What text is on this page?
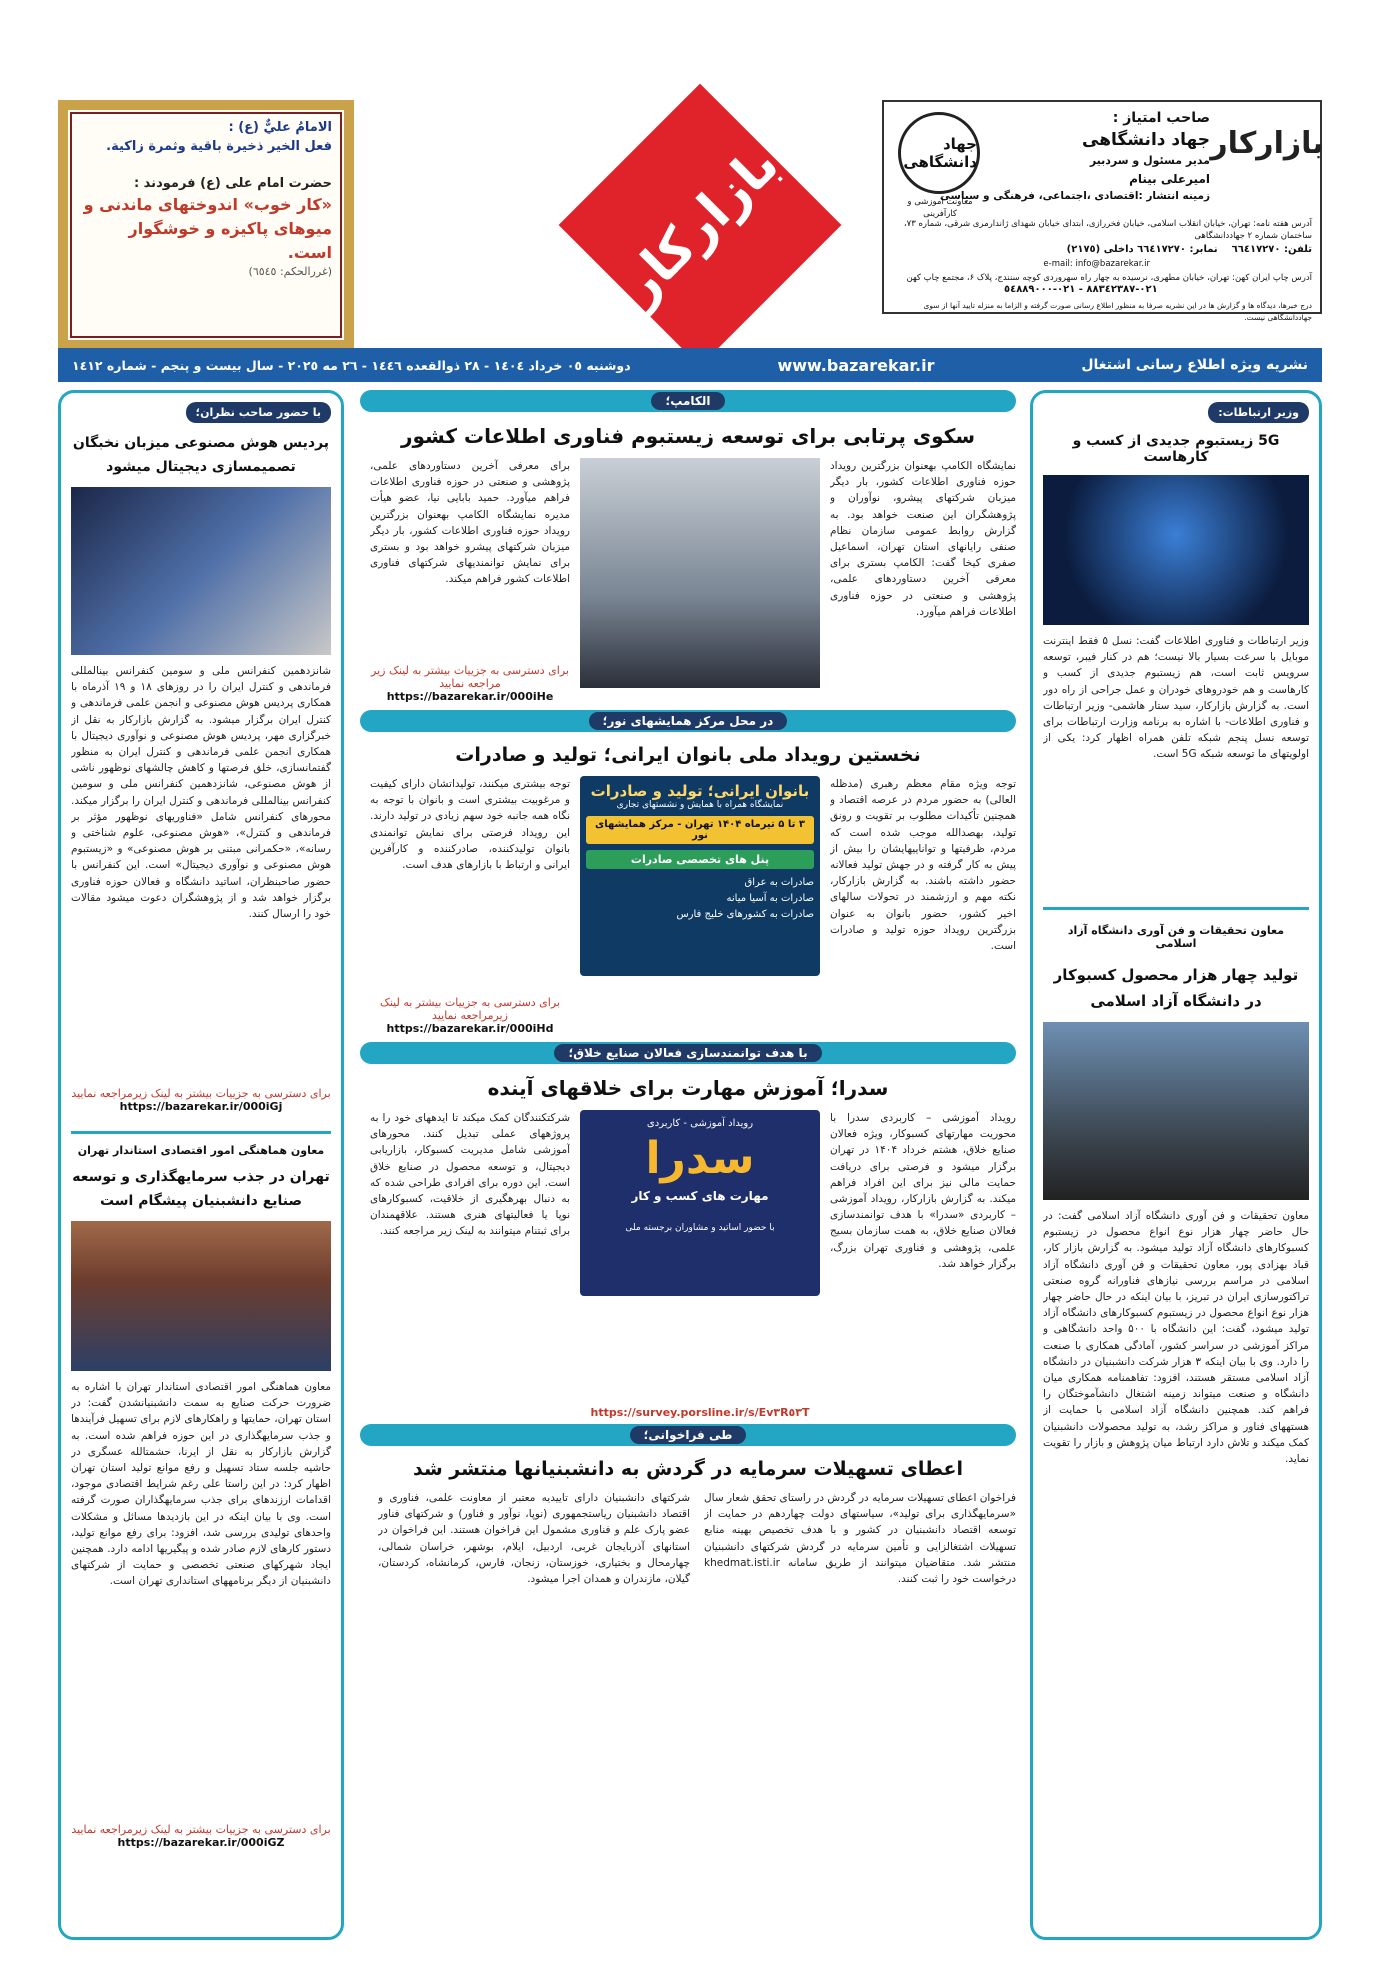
الامامُ عليٌّ (ع) :
فعل الخير ذخيرة باقية وثمرة زاكية.
حضرت امام علی (ع) فرمودند :
«کار خوب» اندوختهای ماندنی و میوهای پاکیزه و خوشگوار است.
(غررالحکم: ٦٥٤٥)	بازارکار	بازارکار
جهاد دانشگاهی
معاونت آموزشی و کارآفرینی
صاحب امتیاز :
جهاد دانشگاهی
مدیر مسئول و سردبیر
امیرعلی بینام
زمینه انتشار :اقتصادی ،اجتماعی، فرهنگی و سیاسی
آدرس هفته نامه: تهران، خیابان انقلاب اسلامی، خیابان فخررازی، ابتدای خیابان شهدای ژاندارمری شرقی، شماره ۷۳، ساختمان شماره ۲ جهاددانشگاهی
تلفن: ٦٦٤١٧٢٧٠
نمابر: ٦٦٤١٧٢٧٠ داخلی (٢١٧٥)
e-mail: info@bazarekar.ir
آدرس چاپ ایران کهن: تهران، خیابان مطهری، نرسیده به چهار راه سهروردی کوچه سنندج، پلاک ۶، مجتمع چاپ کهن
٠٢١-٨٨٣٤٢٣٨٧ - ٠٢١-٥٤٨٨٩٠٠٠
درج خبرها، دیدگاه ها و گزارش ها در این نشریه صرفا به منظور اطلاع رسانی صورت گرفته و الزاما به منزله تایید آنها از سوی جهاددانشگاهی نیست.
دوشنبه ٠٥ خرداد ١٤٠٤ - ٢٨ ذوالقعده ١٤٤٦ - ٢٦ مه ٢٠٢٥ - سال بیست و پنجم - شماره ١٤١٢	www.bazarekar.ir	نشریه ویژه اطلاع رسانی اشتغال
وزیر ارتباطات:
5G زیستبوم جدیدی از کسب و کارهاست
وزیر ارتباطات و فناوری اطلاعات گفت: نسل ۵ فقط اینترنت موبایل با سرعت بسیار بالا نیست؛ هم در کنار فیبر، توسعه سرویس ثابت است، هم زیستبوم جدیدی از کسب و کارهاست و هم خودروهای خودران و عمل جراحی از راه دور است. به گزارش بازارکار، سید ستار هاشمی- وزیر ارتباطات و فناوری اطلاعات- با اشاره به برنامه وزارت ارتباطات برای توسعه نسل پنجم شبکه تلفن همراه اظهار کرد: یکی از اولویتهای ما توسعه شبکه 5G است.
معاون تحقیقات و فن آوری دانشگاه آزاد اسلامی
تولید چهار هزار محصول کسبوکار در دانشگاه آزاد اسلامی
معاون تحقیقات و فن آوری دانشگاه آزاد اسلامی گفت: در حال حاضر چهار هزار نوع انواع محصول در زیستبوم کسبوکارهای دانشگاه آزاد تولید میشود. به گزارش بازار کار، قباد بهزادی پور، معاون تحقیقات و فن آوری دانشگاه آزاد اسلامی در مراسم بررسی نیازهای فناورانه گروه صنعتی تراکتورسازی ایران در تبریز، با بیان اینکه در حال حاضر چهار هزار نوع انواع محصول در زیستبوم کسبوکارهای دانشگاه آزاد تولید میشود، گفت: این دانشگاه با ۵۰۰ واحد دانشگاهی و مراکز آموزشی در سراسر کشور، آمادگی همکاری با صنعت را دارد. وی با بیان اینکه ۳ هزار شرکت دانشبنیان در دانشگاه آزاد اسلامی مستقر هستند، افزود: تفاهمنامه همکاری میان دانشگاه و صنعت میتواند زمینه اشتغال دانشآموختگان را فراهم کند. همچنین دانشگاه آزاد اسلامی با حمایت از هستههای فناور و مراکز رشد، به تولید محصولات دانشبنیان کمک میکند و تلاش دارد ارتباط میان پژوهش و بازار را تقویت نماید.
با حضور صاحب نظران؛
پردیس هوش مصنوعی میزبان نخبگان تصمیمسازی دیجیتال میشود
شانزدهمین کنفرانس ملی و سومین کنفرانس بینالمللی فرماندهی و کنترل ایران را در روزهای ۱۸ و ۱۹ آذرماه با همکاری پردیس هوش مصنوعی و انجمن علمی فرماندهی و کنترل ایران برگزار میشود. به گزارش بازارکار به نقل از خبرگزاری مهر، پردیس هوش مصنوعی و نوآوری دیجیتال با همکاری انجمن علمی فرماندهی و کنترل ایران به منظور گفتمانسازی، خلق فرصتها و کاهش چالشهای نوظهور ناشی از هوش مصنوعی، شانزدهمین کنفرانس ملی و سومین کنفرانس بینالمللی فرماندهی و کنترل ایران را برگزار میکند. محورهای کنفرانس شامل «فناوریهای نوظهور مؤثر بر فرماندهی و کنترل»، «هوش مصنوعی، علوم شناختی و رسانه»، «حکمرانی مبتنی بر هوش مصنوعی» و «زیستبوم هوش مصنوعی و نوآوری دیجیتال» است. این کنفرانس با حضور صاحبنظران، اساتید دانشگاه و فعالان حوزه فناوری برگزار خواهد شد و از پژوهشگران دعوت میشود مقالات خود را ارسال کنند.
برای دسترسی به جزییات بیشتر به لینک زیرمراجعه نمایید
https://bazarekar.ir/000iGj
معاون هماهنگی امور اقتصادی استاندار تهران
تهران در جذب سرمایهگذاری و توسعه صنایع دانشبنیان پیشگام است
معاون هماهنگی امور اقتصادی استاندار تهران با اشاره به ضرورت حرکت صنایع به سمت دانشبنیانشدن گفت: در استان تهران، حمایتها و راهکارهای لازم برای تسهیل فرآیندها و جذب سرمایهگذاری در این حوزه فراهم شده است. به گزارش بازارکار به نقل از ایرنا، حشمتالله عسگری در حاشیه جلسه ستاد تسهیل و رفع موانع تولید استان تهران اظهار کرد: در این راستا علی رغم شرایط اقتصادی موجود، اقدامات ارزندهای برای جذب سرمایهگذاران صورت گرفته است. وی با بیان اینکه در این بازدیدها مسائل و مشکلات واحدهای تولیدی بررسی شد، افزود: برای رفع موانع تولید، دستور کارهای لازم صادر شده و پیگیریها ادامه دارد. همچنین ایجاد شهرکهای صنعتی تخصصی و حمایت از شرکتهای دانشبنیان از دیگر برنامههای استانداری تهران است.
برای دسترسی به جزییات بیشتر به لینک زیرمراجعه نمایید
https://bazarekar.ir/000iGZ
الکامپ؛
سکوی پرتابی برای توسعه زیستبوم فناوری اطلاعات کشور
نمایشگاه الکامپ بهعنوان بزرگترین رویداد حوزه فناوری اطلاعات کشور، بار دیگر میزبان شرکتهای پیشرو، نوآوران و پژوهشگران این صنعت خواهد بود. به گزارش روابط عمومی سازمان نظام صنفی رایانهای استان تهران، اسماعیل صفری کیخا گفت: الکامپ بستری برای معرفی آخرین دستاوردهای علمی، پژوهشی و صنعتی در حوزه فناوری اطلاعات فراهم میآورد.
برای معرفی آخرین دستاوردهای علمی، پژوهشی و صنعتی در حوزه فناوری اطلاعات فراهم میآورد. حمید بابایی نیا، عضو هیأت مدیره نمایشگاه الکامپ بهعنوان بزرگترین رویداد حوزه فناوری اطلاعات کشور، بار دیگر میزبان شرکتهای پیشرو خواهد بود و بستری برای نمایش توانمندیهای شرکتهای فناوری اطلاعات کشور فراهم میکند.
برای دسترسی به جزییات بیشتر به لینک زیر مراجعه نمایید
https://bazarekar.ir/000iHe
در محل مرکز همایشهای نور؛
نخستین رویداد ملی بانوان ایرانی؛ تولید و صادرات
توجه ویژه مقام معظم رهبری (مدظله العالی) به حضور مردم در عرصه اقتصاد و همچنین تأکیدات مطلوب بر تقویت و رونق تولید، بهصدالله موجب شده است که مردم، ظرفیتها و تواناییهایشان را بیش از پیش به کار گرفته و در جهش تولید فعالانه حضور داشته باشند. به گزارش بازارکار، نکته مهم و ارزشمند در تحولات سالهای اخیر کشور، حضور بانوان به عنوان بزرگترین رویداد حوزه تولید و صادرات است.
بانوان ایرانی؛ تولید و صادرات
نمایشگاه همراه با همایش و نشستهای تجاری
۳ تا ۵ تیرماه ۱۴۰۴ تهران - مرکز همایشهای نور
پنل های تخصصی صادرات
صادرات به عراق
صادرات به آسیا میانه
صادرات به کشورهای خلیج فارس
توجه بیشتری میکنند، تولیداتشان دارای کیفیت و مرغوبیت بیشتری است و بانوان با توجه به نگاه همه جانبه خود سهم زیادی در تولید دارند. این رویداد فرصتی برای نمایش توانمندی بانوان تولیدکننده، صادرکننده و کارآفرین ایرانی و ارتباط با بازارهای هدف است.
برای دسترسی به جزییات بیشتر به لینک زیرمراجعه نمایید
https://bazarekar.ir/000iHd
با هدف توانمندسازی فعالان صنایع خلاق؛
سدرا؛ آموزش مهارت برای خلاقهای آینده
رویداد آموزشی – کاربردی سدرا با محوریت مهارتهای کسبوکار، ویژه فعالان صنایع خلاق، هشتم خرداد ۱۴۰۴ در تهران برگزار میشود و فرصتی برای دریافت حمایت مالی نیز برای این افراد فراهم میکند. به گزارش بازارکار، رویداد آموزشی – کاربردی «سدرا» با هدف توانمندسازی فعالان صنایع خلاق، به همت سازمان بسیج علمی، پژوهشی و فناوری تهران بزرگ، برگزار خواهد شد.
رویداد آموزشی - کاربردی
سدرا
مهارت های کسب و کار
با حضور اساتید و مشاوران برجسته ملی
https://survey.porsline.ir/s/Ev٣R٥٣T
شرکتکنندگان کمک میکند تا ایدههای خود را به پروژههای عملی تبدیل کنند. محورهای آموزشی شامل مدیریت کسبوکار، بازاریابی دیجیتال، و توسعه محصول در صنایع خلاق است. این دوره برای افرادی طراحی شده که به دنبال بهرهگیری از خلاقیت، کسبوکارهای نوپا یا فعالیتهای هنری هستند. علاقهمندان برای ثبتنام میتوانند به لینک زیر مراجعه کنند.
طی فراخوانی؛
اعطای تسهیلات سرمایه در گردش به دانشبنیانها منتشر شد
فراخوان اعطای تسهیلات سرمایه در گردش در راستای تحقق شعار سال «سرمایهگذاری برای تولید»، سیاستهای دولت چهاردهم در حمایت از توسعه اقتصاد دانشبنیان در کشور و با هدف تخصیص بهینه منابع تسهیلات اشتغالزایی و تأمین سرمایه در گردش شرکتهای دانشبنیان منتشر شد. متقاضیان میتوانند از طریق سامانه khedmat.isti.ir درخواست خود را ثبت کنند.
شرکتهای دانشبنیان دارای تاییدیه معتبر از معاونت علمی، فناوری و اقتصاد دانشبنیان ریاستجمهوری (نوپا، نوآور و فناور) و شرکتهای فناور عضو پارک علم و فناوری مشمول این فراخوان هستند. این فراخوان در استانهای آذربایجان غربی، اردبیل، ایلام، بوشهر، خراسان شمالی، چهارمحال و بختیاری، خوزستان، زنجان، فارس، کرمانشاه، کردستان، گیلان، مازندران و همدان اجرا میشود.
